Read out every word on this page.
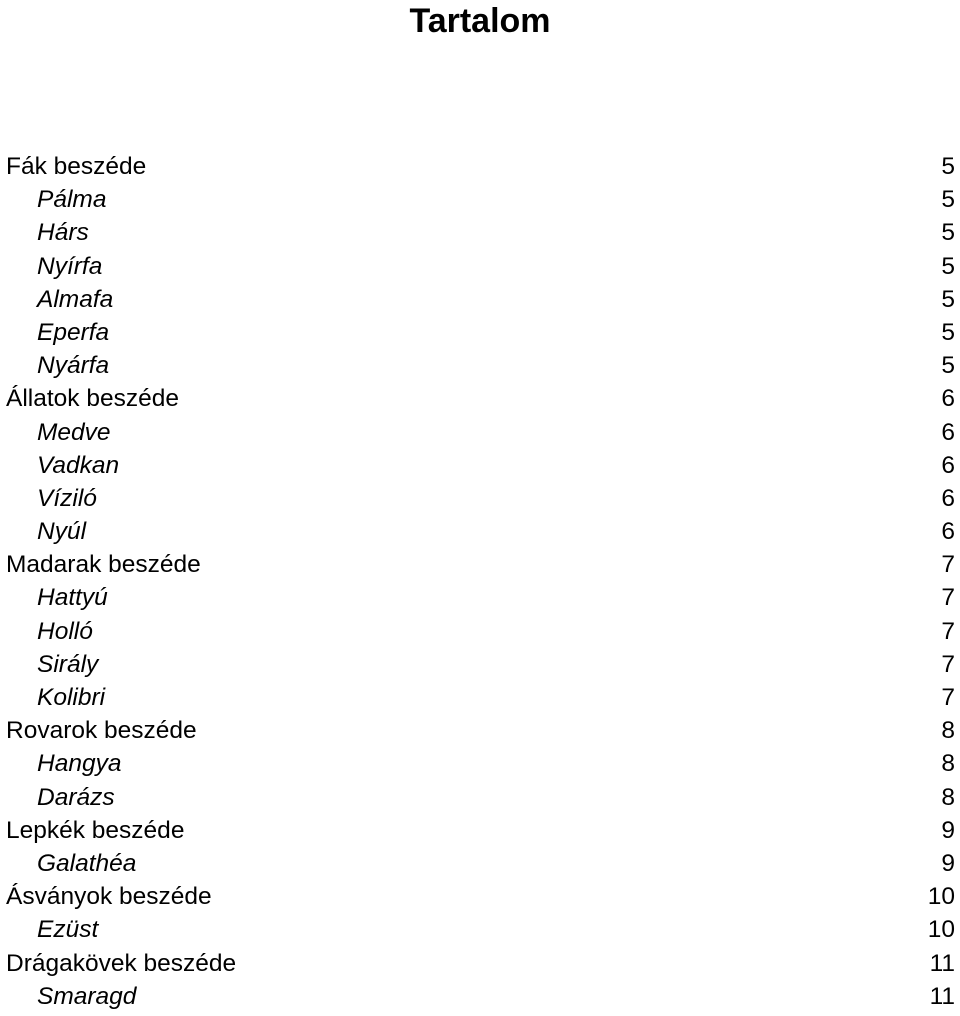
Tartalom
Fák beszéde	5
Pálma	5
Hárs	5
Nyírfa	5
Almafa	5
Eperfa	5
Nyárfa	5
Állatok beszéde	6
Medve	6
Vadkan	6
Víziló	6
Nyúl	6
Madarak beszéde	7
Hattyú	7
Holló	7
Sirály	7
Kolibri	7
Rovarok beszéde	8
Hangya	8
Darázs	8
Lepkék beszéde	9
Galathéa	9
Ásványok beszéde	10
Ezüst	10
Drágakövek beszéde	11
Smaragd	11
